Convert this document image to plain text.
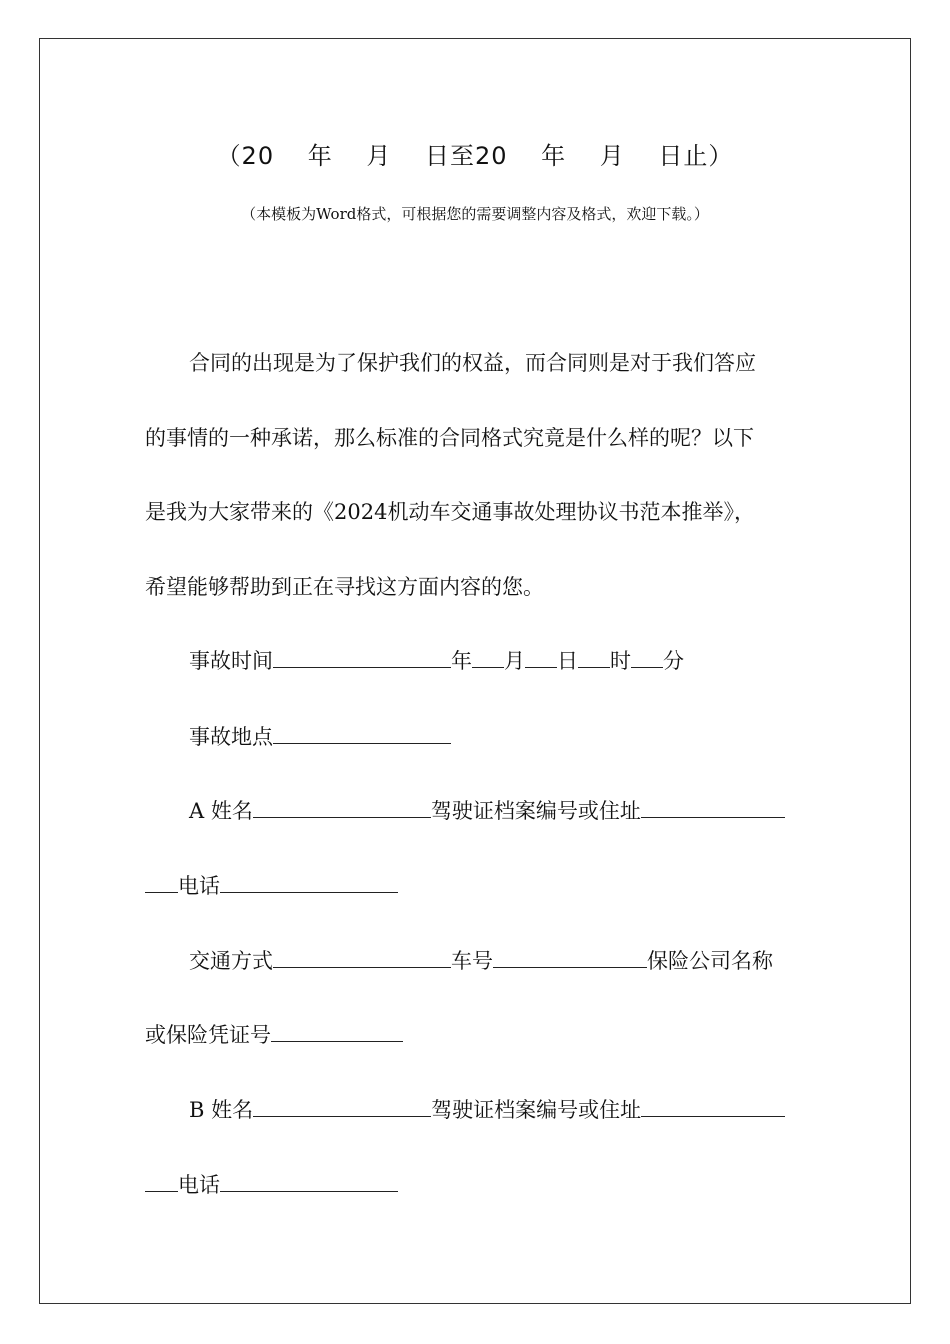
（20　 年　 月　 日至20　 年　 月　 日止）
（本模板为Word格式，可根据您的需要调整内容及格式，欢迎下载。）
合同的出现是为了保护我们的权益，而合同则是对于我们答应
的事情的一种承诺，那么标准的合同格式究竟是什么样的呢？以下
是我为大家带来的《2024机动车交通事故处理协议书范本推举》，
希望能够帮助到正在寻找这方面内容的您。
事故时间	年 月 日 时 分
事故地点
A 姓名	驾驶证档案编号或住址
电话
交通方式	车号	保险公司名称
或保险凭证号
B 姓名	驾驶证档案编号或住址
电话
